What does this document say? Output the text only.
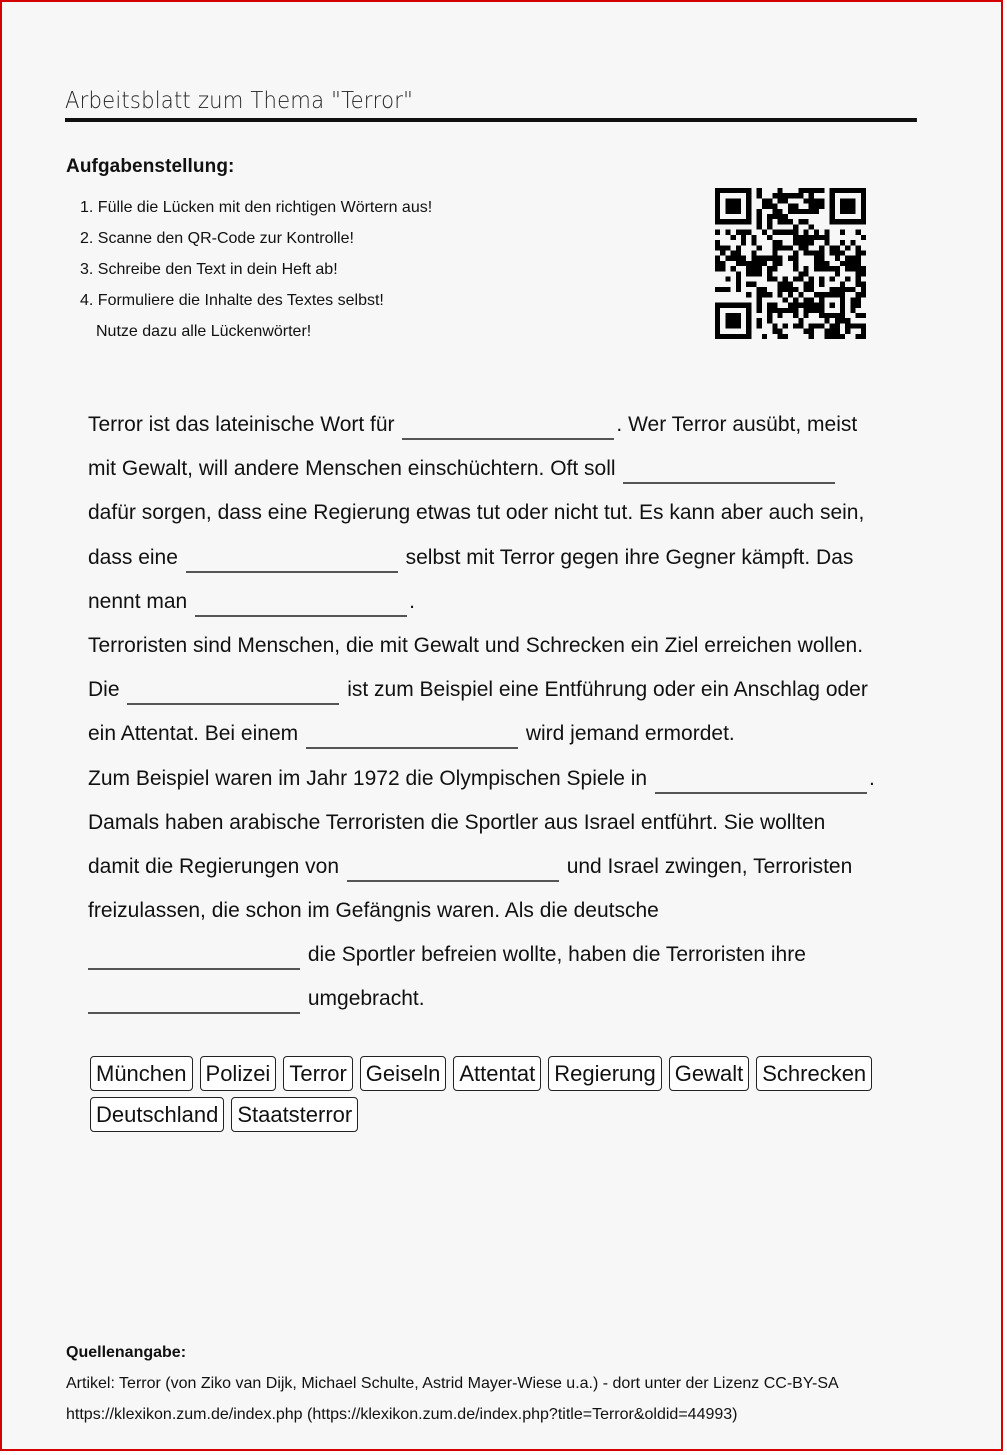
Arbeitsblatt zum Thema "Terror"
Aufgabenstellung:
1. Fülle die Lücken mit den richtigen Wörtern aus!
2. Scanne den QR-Code zur Kontrolle!
3. Schreibe den Text in dein Heft ab!
4. Formuliere die Inhalte des Textes selbst!
Nutze dazu alle Lückenwörter!
Terror ist das lateinische Wort für	. Wer Terror ausübt, meist
mit Gewalt, will andere Menschen einschüchtern. Oft soll
dafür sorgen, dass eine Regierung etwas tut oder nicht tut. Es kann aber auch sein,
dass eine	selbst mit Terror gegen ihre Gegner kämpft. Das
nennt man	.
Terroristen sind Menschen, die mit Gewalt und Schrecken ein Ziel erreichen wollen.
Die	ist zum Beispiel eine Entführung oder ein Anschlag oder
ein Attentat. Bei einem	wird jemand ermordet.
Zum Beispiel waren im Jahr 1972 die Olympischen Spiele in	.
Damals haben arabische Terroristen die Sportler aus Israel entführt. Sie wollten
damit die Regierungen von	und Israel zwingen, Terroristen
freizulassen, die schon im Gefängnis waren. Als die deutsche
die Sportler befreien wollte, haben die Terroristen ihre
umgebracht.
München Polizei Terror Geiseln Attentat Regierung Gewalt Schrecken
Deutschland Staatsterror
Quellenangabe:
Artikel: Terror (von Ziko van Dijk, Michael Schulte, Astrid Mayer-Wiese u.a.) - dort unter der Lizenz CC-BY-SA
https://klexikon.zum.de/index.php (https://klexikon.zum.de/index.php?title=Terror&oldid=44993)
